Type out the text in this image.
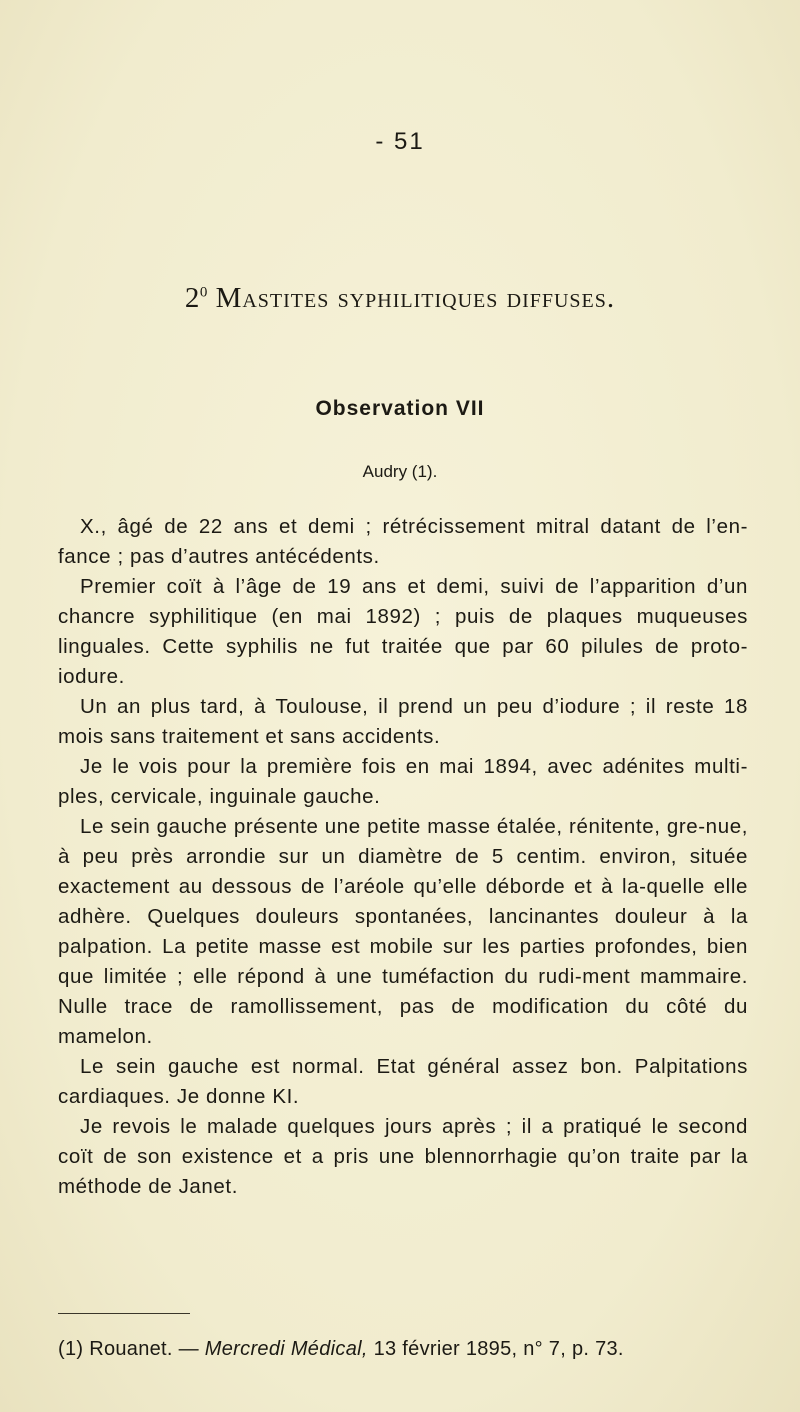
- 51
$2^0$ Mastites syphilitiques diffuses.
Observation VII
Audry (1).

X., âgé de 22 ans et demi ; rétrécissement mitral datant de l’en-fance ; pas d’autres antécédents.

Premier coït à l’âge de 19 ans et demi, suivi de l’apparition d’un chancre syphilitique (en mai 1892) ; puis de plaques muqueuses linguales. Cette syphilis ne fut traitée que par 60 pilules de proto-iodure.

Un an plus tard, à Toulouse, il prend un peu d’iodure ; il reste 18 mois sans traitement et sans accidents.

Je le vois pour la première fois en mai 1894, avec adénites multi-ples, cervicale, inguinale gauche.

Le sein gauche présente une petite masse étalée, rénitente, gre-nue, à peu près arrondie sur un diamètre de 5 centim. environ, située exactement au dessous de l’aréole qu’elle déborde et à la-quelle elle adhère. Quelques douleurs spontanées, lancinantes douleur à la palpation. La petite masse est mobile sur les parties profondes, bien que limitée ; elle répond à une tuméfaction du rudi-ment mammaire. Nulle trace de ramollissement, pas de modification du côté du mamelon.

Le sein gauche est normal. Etat général assez bon. Palpitations cardiaques. Je donne KI.

Je revois le malade quelques jours après ; il a pratiqué le second coït de son existence et a pris une blennorrhagie qu’on traite par la méthode de Janet.

(1) Rouanet. — Mercredi Médical, 13 février 1895, n° 7, p. 73.
